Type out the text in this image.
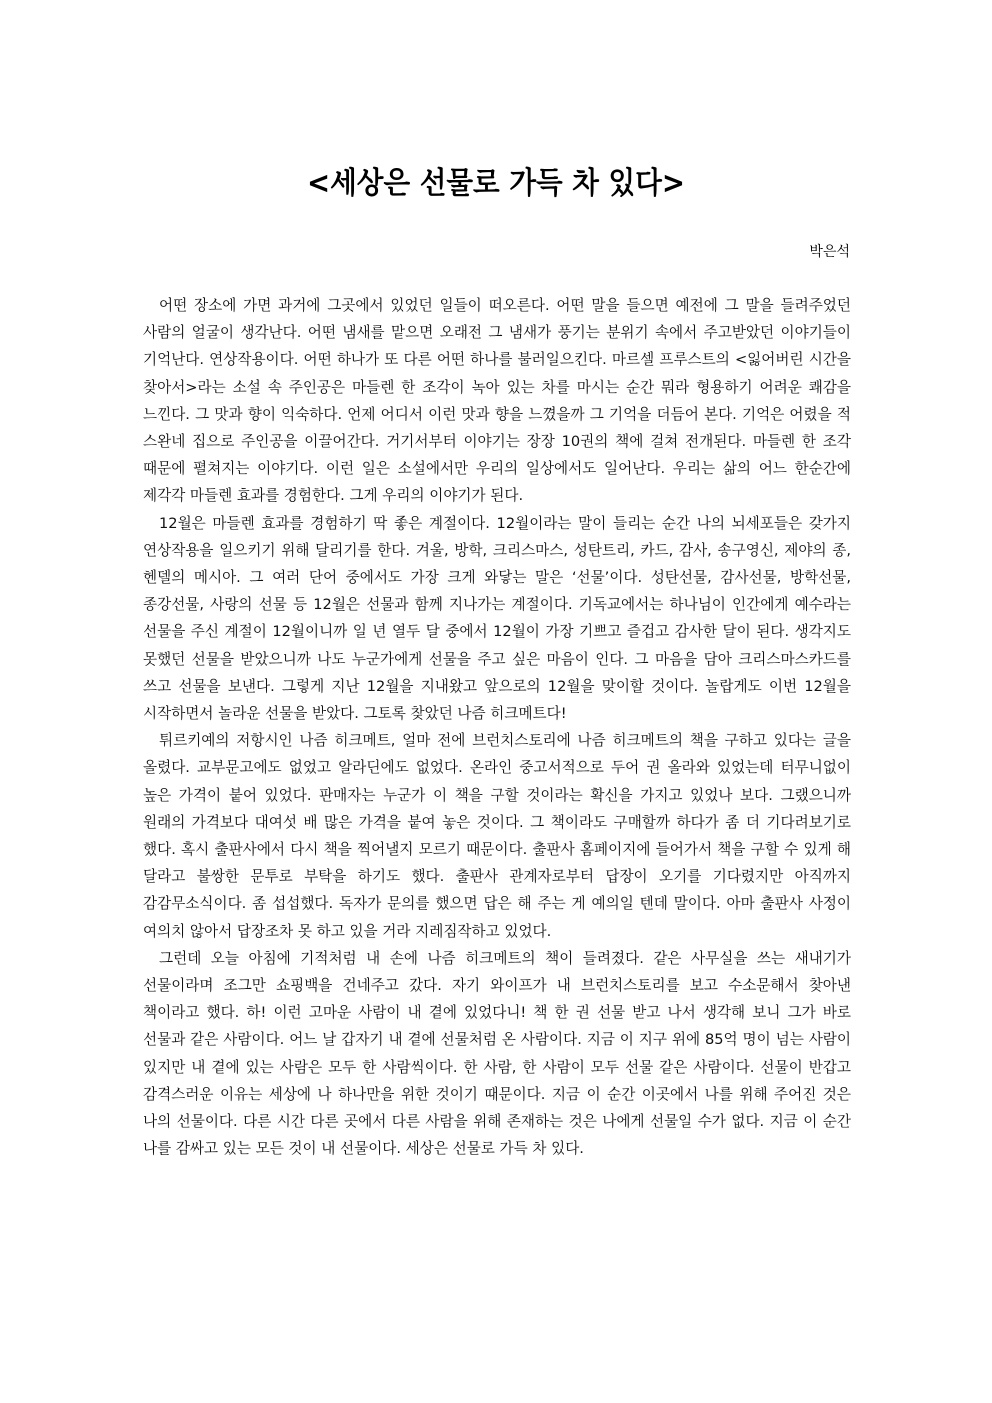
<세상은 선물로 가득 차 있다>
박은석

어떤 장소에 가면 과거에 그곳에서 있었던 일들이 떠오른다. 어떤 말을 들으면 예전에 그 말을 들려주었던 사람의 얼굴이 생각난다. 어떤 냄새를 맡으면 오래전 그 냄새가 풍기는 분위기 속에서 주고받았던 이야기들이 기억난다. 연상작용이다. 어떤 하나가 또 다른 어떤 하나를 불러일으킨다. 마르셀 프루스트의 <잃어버린 시간을 찾아서>라는 소설 속 주인공은 마들렌 한 조각이 녹아 있는 차를 마시는 순간 뭐라 형용하기 어려운 쾌감을 느낀다. 그 맛과 향이 익숙하다. 언제 어디서 이런 맛과 향을 느꼈을까 그 기억을 더듬어 본다. 기억은 어렸을 적 스완네 집으로 주인공을 이끌어간다. 거기서부터 이야기는 장장 10권의 책에 걸쳐 전개된다. 마들렌 한 조각 때문에 펼쳐지는 이야기다. 이런 일은 소설에서만 우리의 일상에서도 일어난다. 우리는 삶의 어느 한순간에 제각각 마들렌 효과를 경험한다. 그게 우리의 이야기가 된다.

12월은 마들렌 효과를 경험하기 딱 좋은 계절이다. 12월이라는 말이 들리는 순간 나의 뇌세포들은 갖가지 연상작용을 일으키기 위해 달리기를 한다. 겨울, 방학, 크리스마스, 성탄트리, 카드, 감사, 송구영신, 제야의 종, 헨델의 메시아. 그 여러 단어 중에서도 가장 크게 와닿는 말은 ‘선물’이다. 성탄선물, 감사선물, 방학선물, 종강선물, 사랑의 선물 등 12월은 선물과 함께 지나가는 계절이다. 기독교에서는 하나님이 인간에게 예수라는 선물을 주신 계절이 12월이니까 일 년 열두 달 중에서 12월이 가장 기쁘고 즐겁고 감사한 달이 된다. 생각지도 못했던 선물을 받았으니까 나도 누군가에게 선물을 주고 싶은 마음이 인다. 그 마음을 담아 크리스마스카드를 쓰고 선물을 보낸다. 그렇게 지난 12월을 지내왔고 앞으로의 12월을 맞이할 것이다. 놀랍게도 이번 12월을 시작하면서 놀라운 선물을 받았다. 그토록 찾았던 나즘 히크메트다!

튀르키예의 저항시인 나즘 히크메트, 얼마 전에 브런치스토리에 나즘 히크메트의 책을 구하고 있다는 글을 올렸다. 교부문고에도 없었고 알라딘에도 없었다. 온라인 중고서적으로 두어 권 올라와 있었는데 터무니없이 높은 가격이 붙어 있었다. 판매자는 누군가 이 책을 구할 것이라는 확신을 가지고 있었나 보다. 그랬으니까 원래의 가격보다 대여섯 배 많은 가격을 붙여 놓은 것이다. 그 책이라도 구매할까 하다가 좀 더 기다려보기로 했다. 혹시 출판사에서 다시 책을 찍어낼지 모르기 때문이다. 출판사 홈페이지에 들어가서 책을 구할 수 있게 해 달라고 불쌍한 문투로 부탁을 하기도 했다. 출판사 관계자로부터 답장이 오기를 기다렸지만 아직까지 감감무소식이다. 좀 섭섭했다. 독자가 문의를 했으면 답은 해 주는 게 예의일 텐데 말이다. 아마 출판사 사정이 여의치 않아서 답장조차 못 하고 있을 거라 지레짐작하고 있었다.

그런데 오늘 아침에 기적처럼 내 손에 나즘 히크메트의 책이 들려졌다. 같은 사무실을 쓰는 새내기가 선물이라며 조그만 쇼핑백을 건네주고 갔다. 자기 와이프가 내 브런치스토리를 보고 수소문해서 찾아낸 책이라고 했다. 하! 이런 고마운 사람이 내 곁에 있었다니! 책 한 권 선물 받고 나서 생각해 보니 그가 바로 선물과 같은 사람이다. 어느 날 갑자기 내 곁에 선물처럼 온 사람이다. 지금 이 지구 위에 85억 명이 넘는 사람이 있지만 내 곁에 있는 사람은 모두 한 사람씩이다. 한 사람, 한 사람이 모두 선물 같은 사람이다. 선물이 반갑고 감격스러운 이유는 세상에 나 하나만을 위한 것이기 때문이다. 지금 이 순간 이곳에서 나를 위해 주어진 것은 나의 선물이다. 다른 시간 다른 곳에서 다른 사람을 위해 존재하는 것은 나에게 선물일 수가 없다. 지금 이 순간 나를 감싸고 있는 모든 것이 내 선물이다. 세상은 선물로 가득 차 있다.
